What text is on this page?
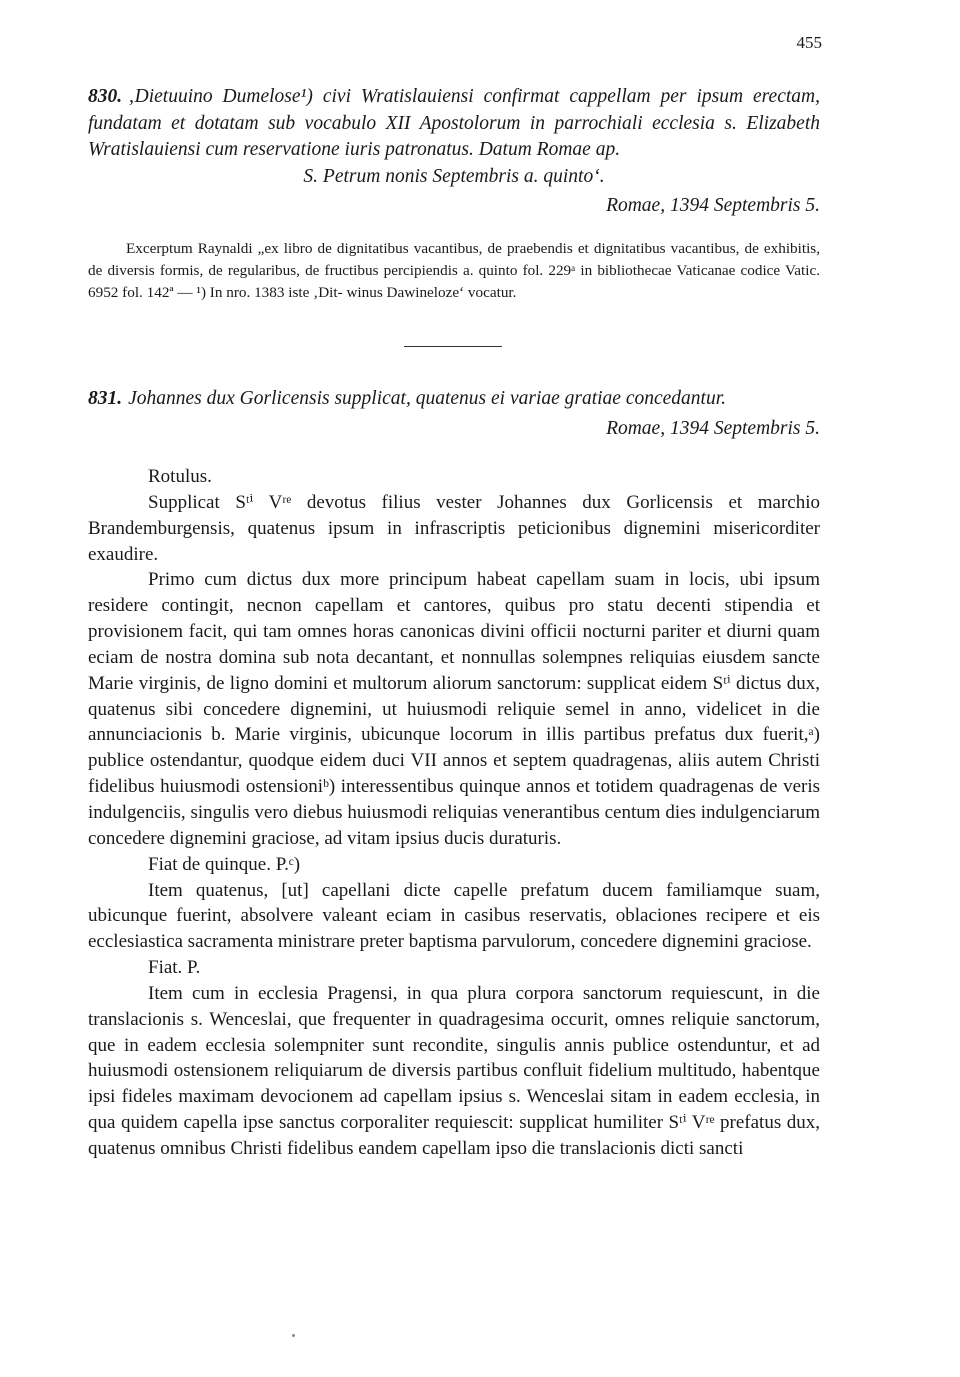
455
830. ‚Dietuuino Dumelose¹) civi Wratislauiensi confirmat cappellam per ipsum erectam, fundatam et dotatam sub vocabulo XII Apostolorum in parrochiali ecclesia s. Elizabeth Wratislauiensi cum reservatione iuris patronatus. Datum Romae ap.
S. Petrum nonis Septembris a. quinto‘.
Romae, 1394 Septembris 5.
Excerptum Raynaldi „ex libro de dignitatibus vacantibus, de praebendis et dignitatibus vacantibus, de exhibitis, de diversis formis, de regularibus, de fructibus percipiendis a. quinto fol. 229ᵃ in bibliothecae Vaticanae codice Vatic. 6952 fol. 142ª — ¹) In nro. 1383 iste ‚Dit- winus Dawineloze‘ vocatur.
831. Johannes dux Gorlicensis supplicat, quatenus ei variae gratiae concedantur.
Romae, 1394 Septembris 5.

Rotulus.

Supplicat Sᵗⁱ Vʳᵉ devotus filius vester Johannes dux Gorlicensis et marchio Brandemburgensis, quatenus ipsum in infrascriptis peticionibus dignemini misericorditer exaudire.

Primo cum dictus dux more principum habeat capellam suam in locis, ubi ipsum residere contingit, necnon capellam et cantores, quibus pro statu decenti stipendia et provisionem facit, qui tam omnes horas canonicas divini officii nocturni pariter et diurni quam eciam de nostra domina sub nota decantant, et nonnullas solempnes reliquias eiusdem sancte Marie virginis, de ligno domini et multorum aliorum sanctorum: supplicat eidem Sᵗⁱ dictus dux, quatenus sibi concedere dignemini, ut huiusmodi reliquie semel in anno, videlicet in die annunciacionis b. Marie virginis, ubicunque locorum in illis partibus prefatus dux fuerit,ᵃ) publice ostendantur, quodque eidem duci VII annos et septem quadragenas, aliis autem Christi fidelibus huiusmodi ostensioniᵇ) interessentibus quinque annos et totidem quadragenas de veris indulgenciis, singulis vero diebus huiusmodi reliquias venerantibus centum dies indulgenciarum concedere dignemini graciose, ad vitam ipsius ducis duraturis.

Fiat de quinque. P.ᶜ)

Item quatenus, [ut] capellani dicte capelle prefatum ducem familiamque suam, ubicunque fuerint, absolvere valeant eciam in casibus reservatis, oblaciones recipere et eis ecclesiastica sacramenta ministrare preter baptisma parvulorum, concedere dignemini graciose.

Fiat. P.

Item cum in ecclesia Pragensi, in qua plura corpora sanctorum requiescunt, in die translacionis s. Wenceslai, que frequenter in quadragesima occurit, omnes reliquie sanctorum, que in eadem ecclesia solempniter sunt recondite, singulis annis publice ostenduntur, et ad huiusmodi ostensionem reliquiarum de diversis partibus confluit fidelium multitudo, habentque ipsi fideles maximam devocionem ad capellam ipsius s. Wenceslai sitam in eadem ecclesia, in qua quidem capella ipse sanctus corporaliter requiescit: supplicat humiliter Sᵗⁱ Vʳᵉ prefatus dux, quatenus omnibus Christi fidelibus eandem capellam ipso die translacionis dicti sancti
